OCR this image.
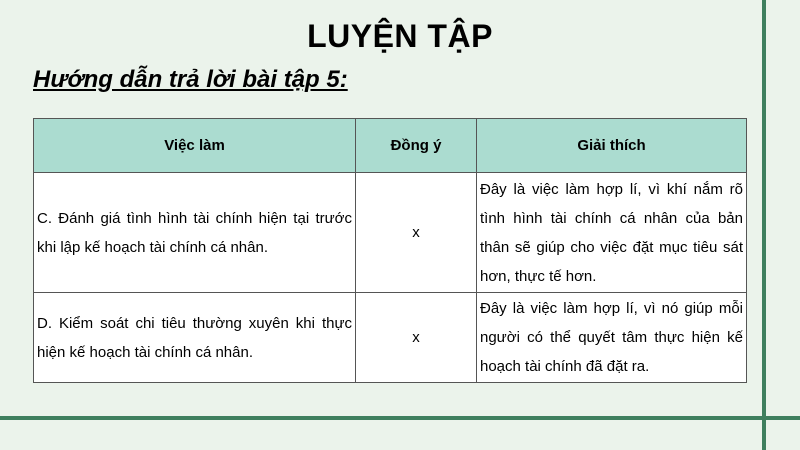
LUYỆN TẬP
Hướng dẫn trả lời bài tập 5:
Việc làm	Đồng ý	Giải thích
C. Đánh giá tình hình tài chính hiện tại trước khi lập kế hoạch tài chính cá nhân.	x	Đây là việc làm hợp lí, vì khí nắm rõ tình hình tài chính cá nhân của bản thân sẽ giúp cho việc đặt mục tiêu sát hơn, thực tế hơn.
D. Kiểm soát chi tiêu thường xuyên khi thực hiện kế hoạch tài chính cá nhân.	x	Đây là việc làm hợp lí, vì nó giúp mỗi người có thể quyết tâm thực hiện kế hoạch tài chính đã đặt ra.
